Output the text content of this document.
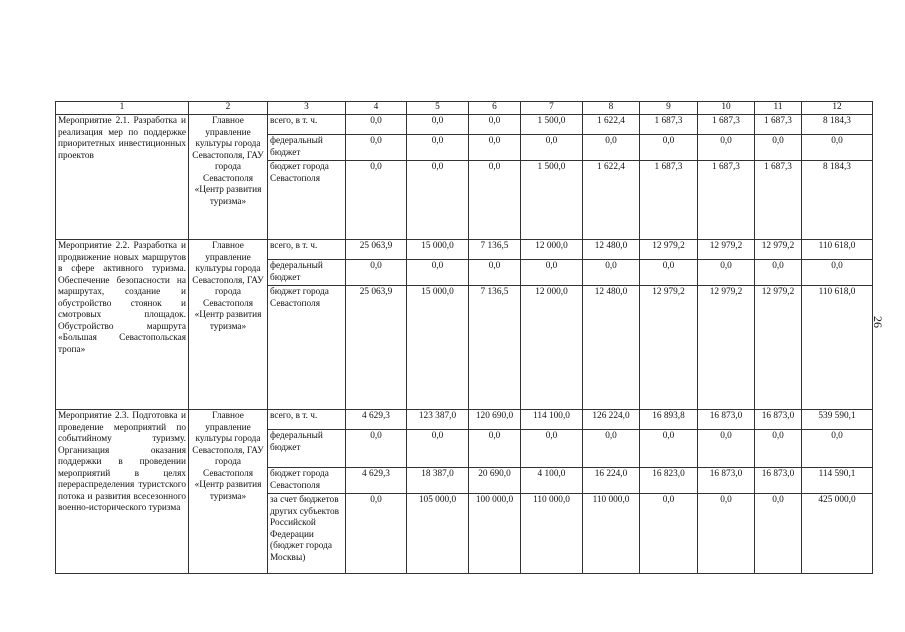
1	2	3	4	5	6	7	8	9	10	11	12
Мероприятие 2.1. Разработка и реализация мер по поддержке приоритетных инвестиционных проектов	Главное управление культуры города Севастополя, ГАУ города Севастополя «Центр развития туризма»	всего, в т. ч.	0,0	0,0	0,0	1 500,0	1 622,4	1 687,3	1 687,3	1 687,3	8 184,3
		федеральный бюджет	0,0	0,0	0,0	0,0	0,0	0,0	0,0	0,0	0,0
		бюджет города Севастополя	0,0	0,0	0,0	1 500,0	1 622,4	1 687,3	1 687,3	1 687,3	8 184,3
Мероприятие 2.2. Разработка и продвижение новых маршрутов в сфере активного туризма. Обеспечение безопасности на маршрутах, создание и обустройство стоянок и смотровых площадок. Обустройство маршрута «Большая Севастопольская тропа»	Главное управление культуры города Севастополя, ГАУ города Севастополя «Центр развития туризма»	всего, в т. ч.	25 063,9	15 000,0	7 136,5	12 000,0	12 480,0	12 979,2	12 979,2	12 979,2	110 618,0
		федеральный бюджет	0,0	0,0	0,0	0,0	0,0	0,0	0,0	0,0	0,0
		бюджет города Севастополя	25 063,9	15 000,0	7 136,5	12 000,0	12 480,0	12 979,2	12 979,2	12 979,2	110 618,0
Мероприятие 2.3. Подготовка и проведение мероприятий по событийному туризму. Организация оказания поддержки в проведении мероприятий в целях перераспределения туристского потока и развития всесезонного военно-исторического туризма	Главное управление культуры города Севастополя, ГАУ города Севастополя «Центр развития туризма»	всего, в т. ч.	4 629,3	123 387,0	120 690,0	114 100,0	126 224,0	16 893,8	16 873,0	16 873,0	539 590,1
		федеральный бюджет	0,0	0,0	0,0	0,0	0,0	0,0	0,0	0,0	0,0
		бюджет города Севастополя	4 629,3	18 387,0	20 690,0	4 100,0	16 224,0	16 823,0	16 873,0	16 873,0	114 590,1
		за счет бюджетов других субъектов Российской Федерации (бюджет города Москвы)	0,0	105 000,0	100 000,0	110 000,0	110 000,0	0,0	0,0	0,0	425 000,0
26
